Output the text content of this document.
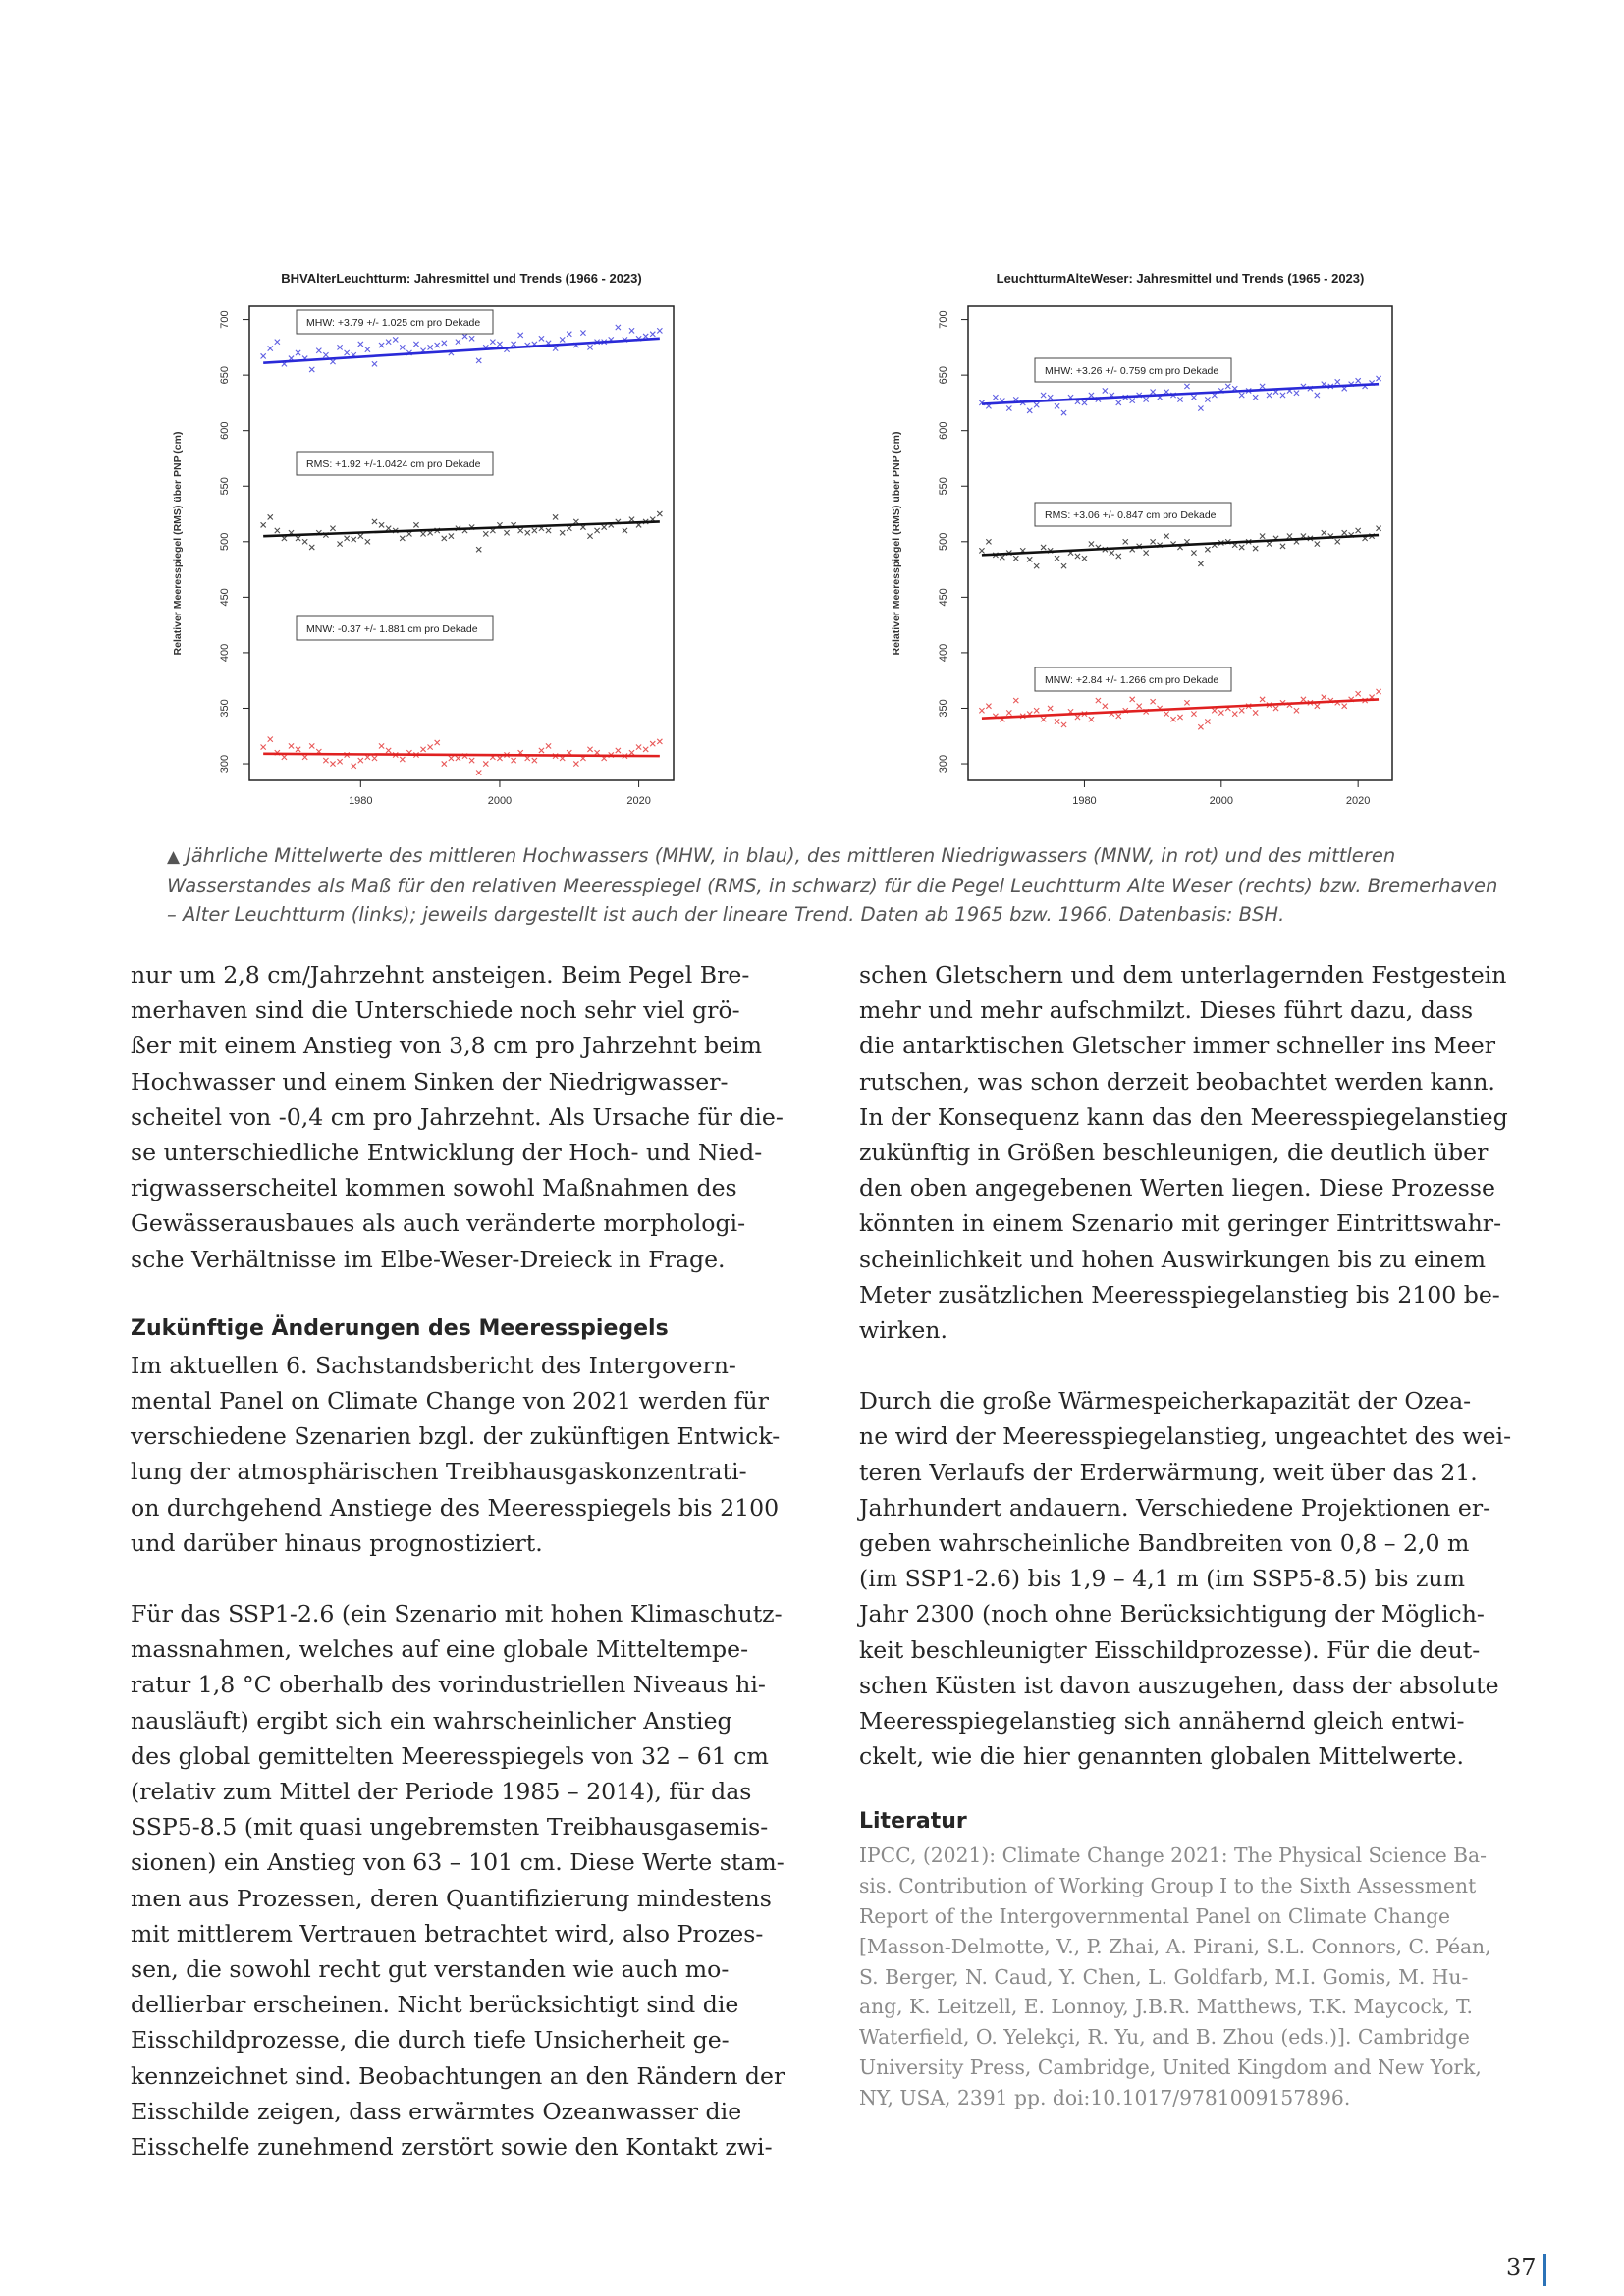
BHVAlterLeuchtturm: Jahresmittel und Trends (1966 - 2023)
300
350
400
450
500
550
600
650
700
1980	2000	2020
Relativer Meeresspiegel (RMS) über PNP (cm)
MHW: +3.79 +/- 1.025 cm pro Dekade
RMS: +1.92 +/-1.0424 cm pro Dekade
MNW: -0.37 +/- 1.881 cm pro Dekade
LeuchtturmAlteWeser: Jahresmittel und Trends (1965 - 2023)
300
350
400
450
500
550
600
650
700
1980	2000	2020
Relativer Meeresspiegel (RMS) über PNP (cm)
MHW: +3.26 +/- 0.759 cm pro Dekade
RMS: +3.06 +/- 0.847 cm pro Dekade
MNW: +2.84 +/- 1.266 cm pro Dekade

▲ Jährliche Mittelwerte des mittleren Hochwassers (MHW, in blau), des mittleren Niedrigwassers (MNW, in rot) und des mittleren Wasserstandes als Maß für den relativen Meeresspiegel (RMS, in schwarz) für die Pegel Leuchtturm Alte Weser (rechts) bzw. Bremerhaven – Alter Leuchtturm (links); jeweils dargestellt ist auch der lineare Trend. Daten ab 1965 bzw. 1966. Datenbasis: BSH.

nur um 2,8 cm/Jahrzehnt ansteigen. Beim Pegel Bre-
merhaven sind die Unterschiede noch sehr viel grö-
ßer mit einem Anstieg von 3,8 cm pro Jahrzehnt beim
Hochwasser und einem Sinken der Niedrigwasser-
scheitel von -0,4 cm pro Jahrzehnt. Als Ursache für die-
se unterschiedliche Entwicklung der Hoch- und Nied-
rigwasserscheitel kommen sowohl Maßnahmen des
Gewässerausbaues als auch veränderte morphologi-
sche Verhältnisse im Elbe-Weser-Dreieck in Frage.

Zukünftige Änderungen des Meeresspiegels

Im aktuellen 6. Sachstandsbericht des Intergovern-
mental Panel on Climate Change von 2021 werden für
verschiedene Szenarien bzgl. der zukünftigen Entwick-
lung der atmosphärischen Treibhausgaskonzentrati-
on durchgehend Anstiege des Meeresspiegels bis 2100
und darüber hinaus prognostiziert.

Für das SSP1-2.6 (ein Szenario mit hohen Klimaschutz-
massnahmen, welches auf eine globale Mitteltempe-
ratur 1,8 °C oberhalb des vorindustriellen Niveaus hi-
nausläuft) ergibt sich ein wahrscheinlicher Anstieg
des global gemittelten Meeresspiegels von 32 – 61 cm
(relativ zum Mittel der Periode 1985 – 2014), für das
SSP5-8.5 (mit quasi ungebremsten Treibhausgasemis-
sionen) ein Anstieg von 63 – 101 cm. Diese Werte stam-
men aus Prozessen, deren Quantifizierung mindestens
mit mittlerem Vertrauen betrachtet wird, also Prozes-
sen, die sowohl recht gut verstanden wie auch mo-
dellierbar erscheinen. Nicht berücksichtigt sind die
Eisschildprozesse, die durch tiefe Unsicherheit ge-
kennzeichnet sind. Beobachtungen an den Rändern der
Eisschilde zeigen, dass erwärmtes Ozeanwasser die
Eisschelfe zunehmend zerstört sowie den Kontakt zwi-

schen Gletschern und dem unterlagernden Festgestein
mehr und mehr aufschmilzt. Dieses führt dazu, dass
die antarktischen Gletscher immer schneller ins Meer
rutschen, was schon derzeit beobachtet werden kann.
In der Konsequenz kann das den Meeresspiegelanstieg
zukünftig in Größen beschleunigen, die deutlich über
den oben angegebenen Werten liegen. Diese Prozesse
könnten in einem Szenario mit geringer Eintrittswahr-
scheinlichkeit und hohen Auswirkungen bis zu einem
Meter zusätzlichen Meeresspiegelanstieg bis 2100 be-
wirken.

Durch die große Wärmespeicherkapazität der Ozea-
ne wird der Meeresspiegelanstieg, ungeachtet des wei-
teren Verlaufs der Erderwärmung, weit über das 21.
Jahrhundert andauern. Verschiedene Projektionen er-
geben wahrscheinliche Bandbreiten von 0,8 – 2,0 m
(im SSP1-2.6) bis 1,9 – 4,1 m (im SSP5-8.5) bis zum
Jahr 2300 (noch ohne Berücksichtigung der Möglich-
keit beschleunigter Eisschildprozesse). Für die deut-
schen Küsten ist davon auszugehen, dass der absolute
Meeresspiegelanstieg sich annähernd gleich entwi-
ckelt, wie die hier genannten globalen Mittelwerte.

Literatur

IPCC, (2021): Climate Change 2021: The Physical Science Ba-
sis. Contribution of Working Group I to the Sixth Assessment
Report of the Intergovernmental Panel on Climate Change
[Masson-Delmotte, V., P. Zhai, A. Pirani, S.L. Connors, C. Péan,
S. Berger, N. Caud, Y. Chen, L. Goldfarb, M.I. Gomis, M. Hu-
ang, K. Leitzell, E. Lonnoy, J.B.R. Matthews, T.K. Maycock, T.
Waterfield, O. Yelekçi, R. Yu, and B. Zhou (eds.)]. Cambridge
University Press, Cambridge, United Kingdom and New York,
NY, USA, 2391 pp. doi:10.1017/9781009157896.

37
